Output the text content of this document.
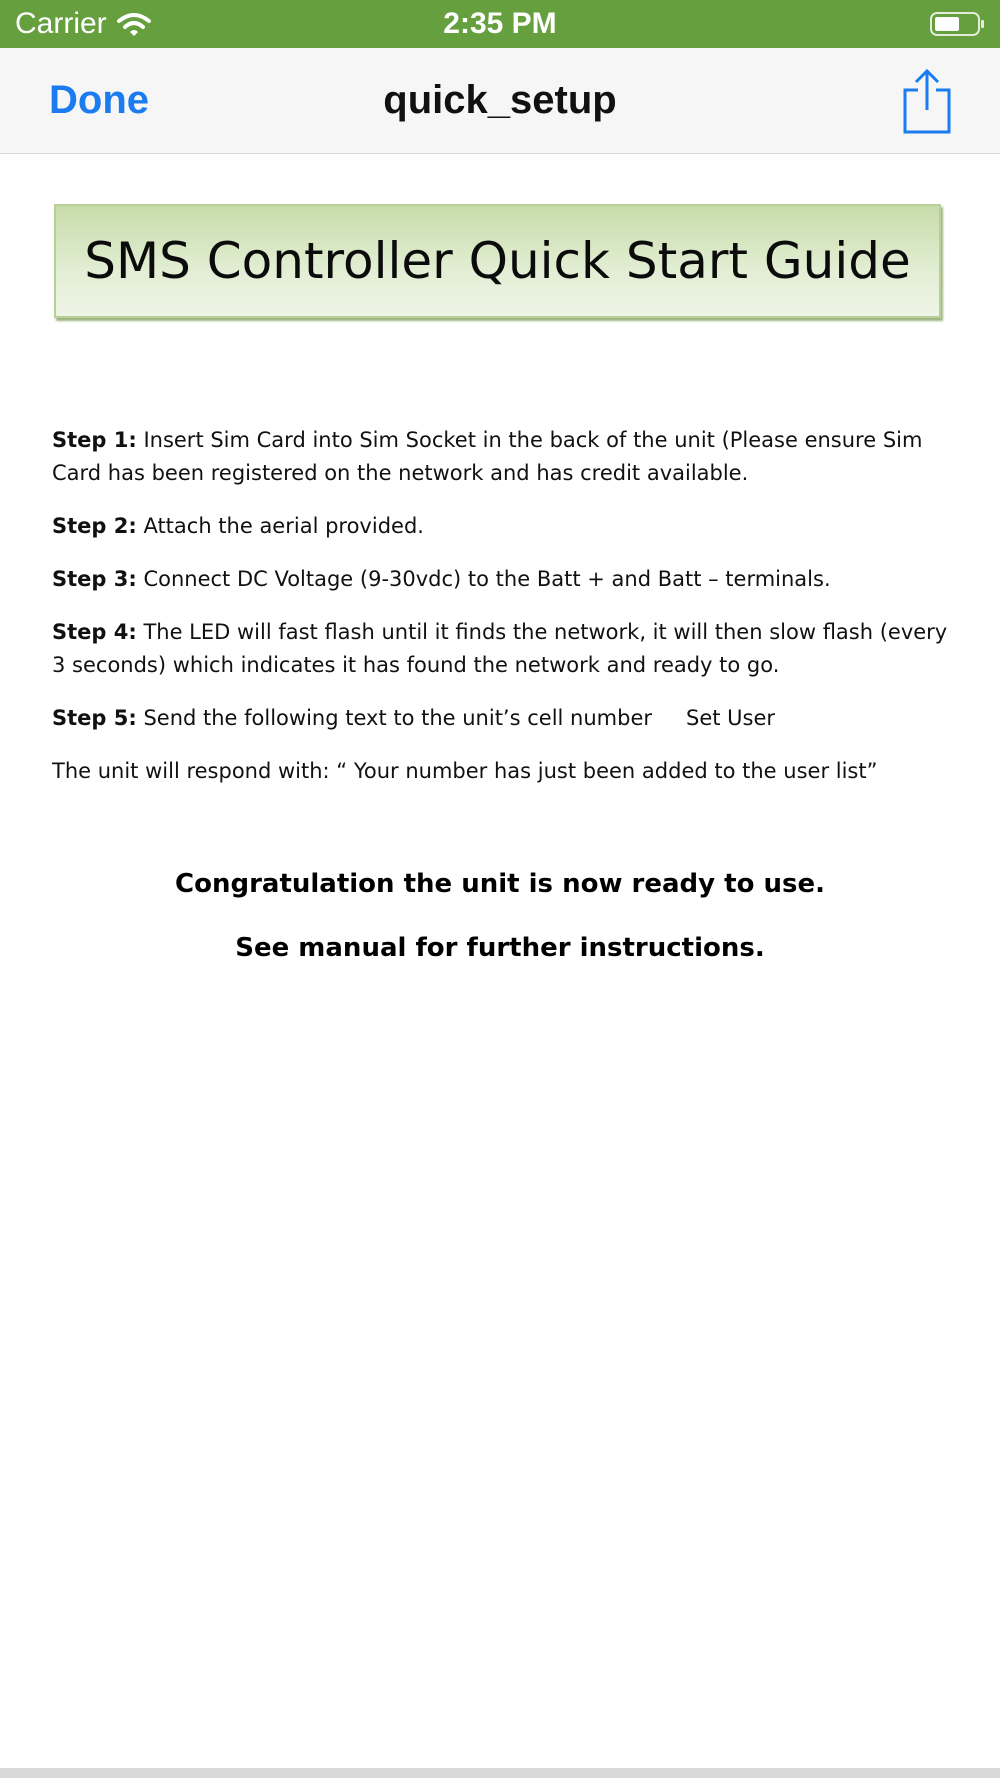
Carrier	2:35 PM
Done	quick_setup
SMS Controller Quick Start Guide

Step 1: Insert Sim Card into Sim Socket in the back of the unit (Please ensure Sim Card has been registered on the network and has credit available.

Step 2: Attach the aerial provided.

Step 3: Connect DC Voltage (9-30vdc) to the Batt + and Batt – terminals.

Step 4: The LED will fast flash until it finds the network, it will then slow flash (every 3 seconds) which indicates it has found the network and ready to go.

Step 5: Send the following text to the unit’s cell number Set User

The unit will respond with: “ Your number has just been added to the user list”

Congratulation the unit is now ready to use.
See manual for further instructions.
